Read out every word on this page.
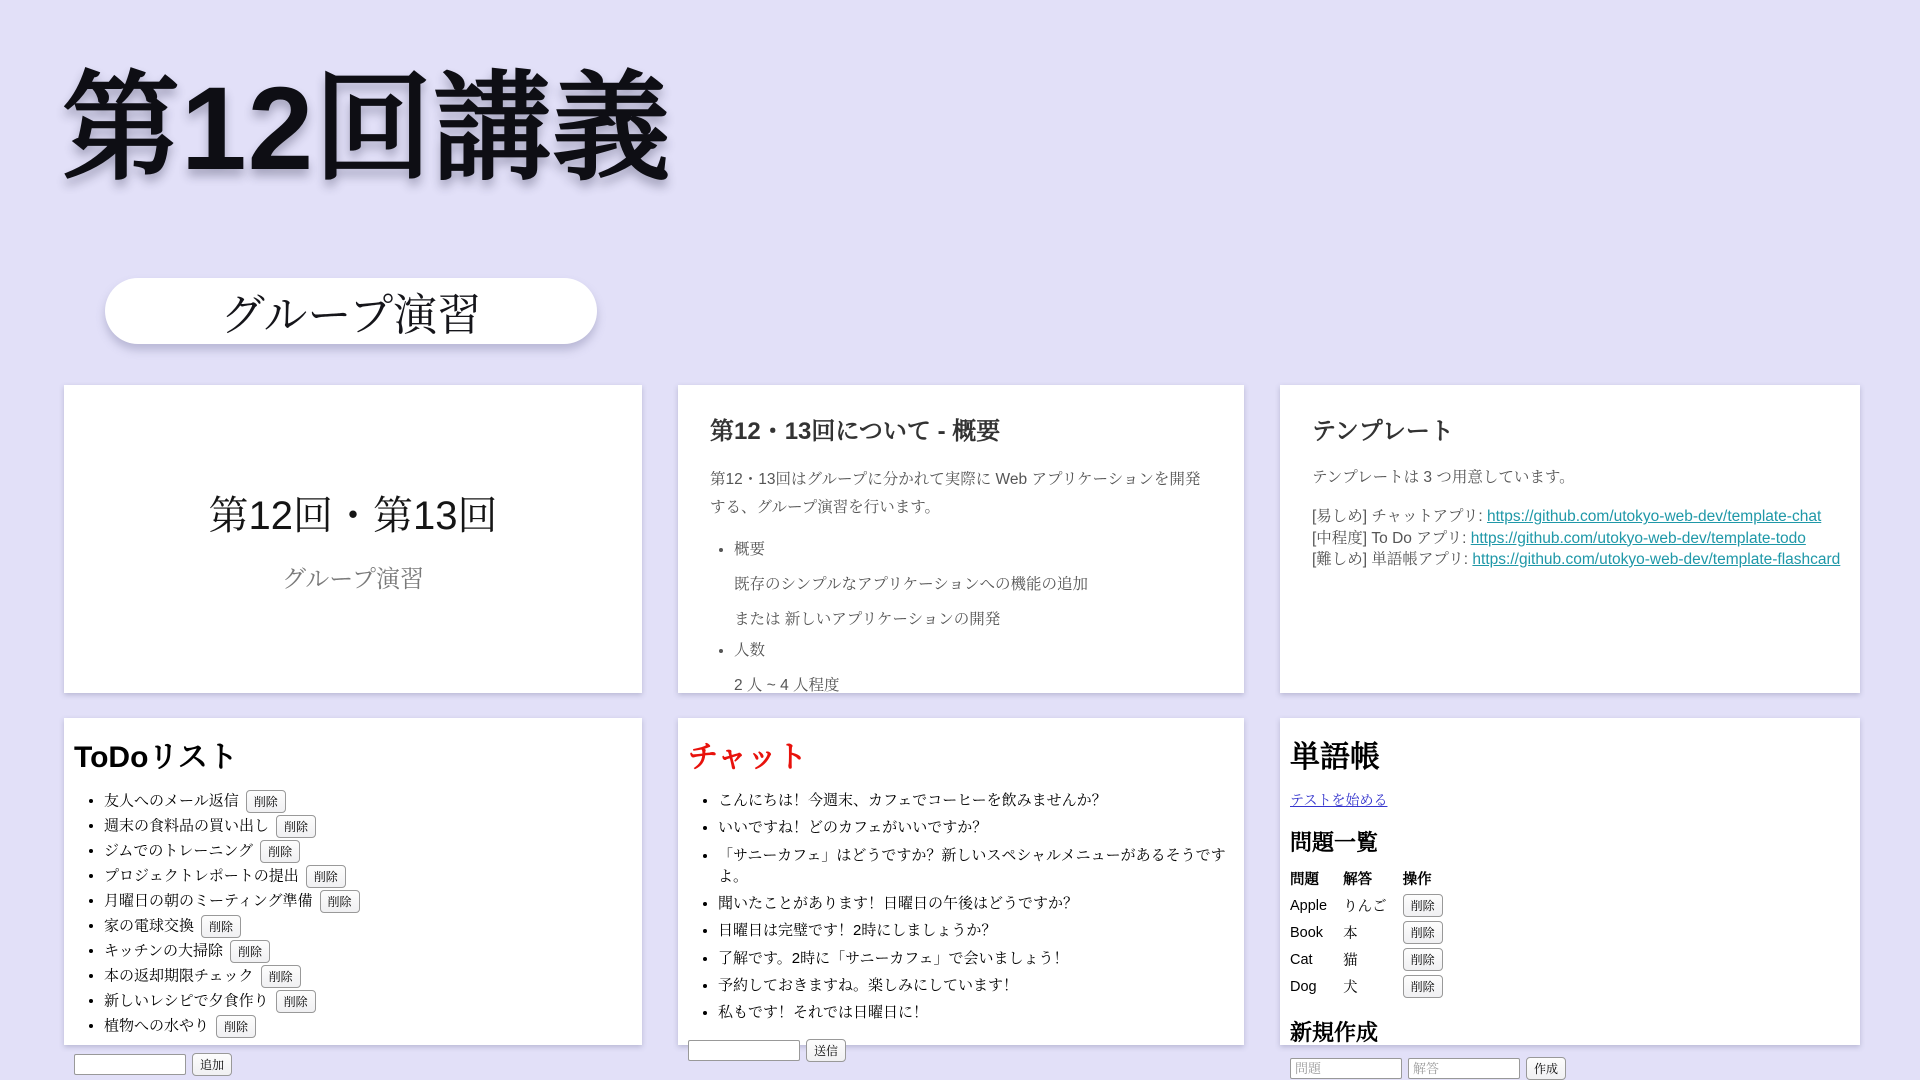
第12回講義
グループ演習
第12回・第13回
グループ演習
第12・13回について - 概要

第12・13回はグループに分かれて実際に Web アプリケーションを開発する、グループ演習を行います。

• 概要
既存のシンプルなアプリケーションへの機能の追加
または 新しいアプリケーションの開発
• 人数
2 人 ~ 4 人程度
テンプレート

テンプレートは 3 つ用意しています。

[易しめ] チャットアプリ: https://github.com/utokyo-web-dev/template-chat
[中程度] To Do アプリ: https://github.com/utokyo-web-dev/template-todo
[難しめ] 単語帳アプリ: https://github.com/utokyo-web-dev/template-flashcard
ToDoリスト
• 友人へのメール返信 削除
• 週末の食料品の買い出し 削除
• ジムでのトレーニング 削除
• プロジェクトレポートの提出 削除
• 月曜日の朝のミーティング準備 削除
• 家の電球交換 削除
• キッチンの大掃除 削除
• 本の返却期限チェック 削除
• 新しいレシピで夕食作り 削除
• 植物への水やり 削除
追加
チャット
• こんにちは！今週末、カフェでコーヒーを飲みませんか？
• いいですね！どのカフェがいいですか？
• 「サニーカフェ」はどうですか？新しいスペシャルメニューがあるそうですよ。
• 聞いたことがあります！日曜日の午後はどうですか？
• 日曜日は完璧です！2時にしましょうか？
• 了解です。2時に「サニーカフェ」で会いましょう！
• 予約しておきますね。楽しみにしています！
• 私もです！それでは日曜日に！
送信
単語帳
テストを始める
問題一覧
問題	解答	操作
Apple	りんご	削除
Book	本	削除
Cat	猫	削除
Dog	犬	削除
新規作成
問題
解答
作成
